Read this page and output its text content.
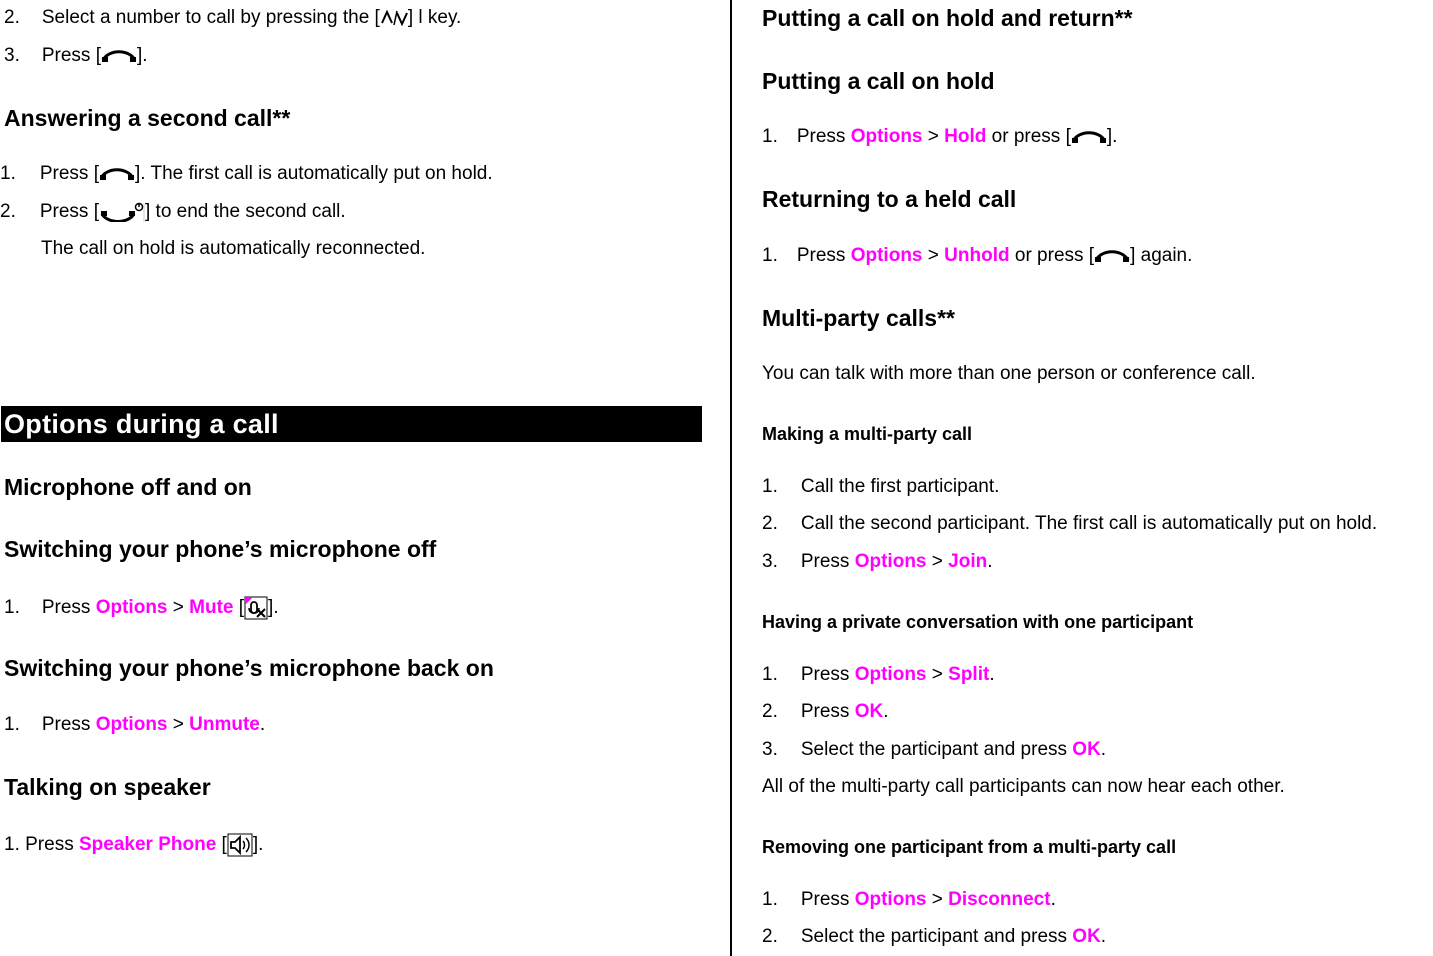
2. Select a number to call by pressing the [ ] l key.
3. Press [ ].
Answering a second call**
1. Press [ ]. The first call is automatically put on hold.
2. Press [ ] to end the second call.
The call on hold is automatically reconnected.
Options during a call
Microphone off and on
Switching your phone’s microphone off
1. Press Options > Mute [ ].
Switching your phone’s microphone back on
1. Press Options > Unmute.
Talking on speaker
1. Press Speaker Phone [ ].
Putting a call on hold and return**
Putting a call on hold
1. Press Options > Hold or press [ ].
Returning to a held call
1. Press Options > Unhold or press [ ] again.
Multi-party calls**
You can talk with more than one person or conference call.
Making a multi-party call
1. Call the first participant.
2. Call the second participant. The first call is automatically put on hold.
3. Press Options > Join.
Having a private conversation with one participant
1. Press Options > Split.
2. Press OK.
3. Select the participant and press OK.
All of the multi-party call participants can now hear each other.
Removing one participant from a multi-party call
1. Press Options > Disconnect.
2. Select the participant and press OK.
